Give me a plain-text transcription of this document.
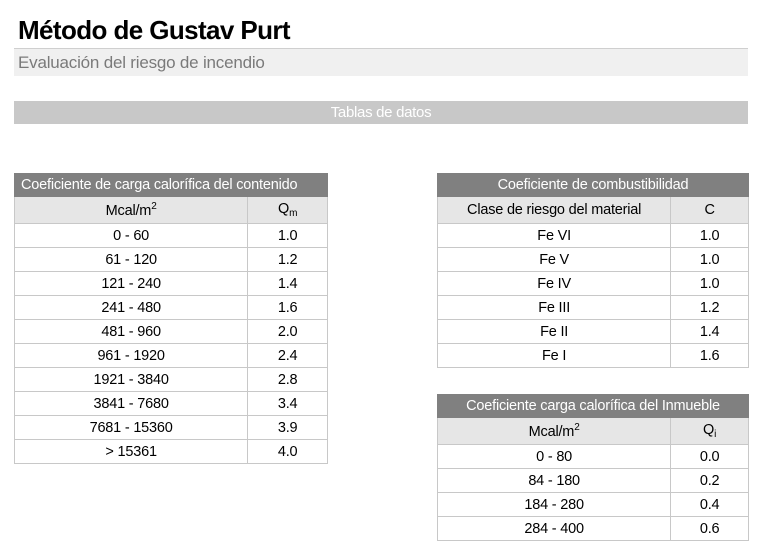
Método de Gustav Purt
Evaluación del riesgo de incendio
Tablas de datos
Coeficiente de carga calorífica del contenido	
Mcal/$m^2$	$Q_m$
0 - 60	1.0
61 - 120	1.2
121 - 240	1.4
241 - 480	1.6
481 - 960	2.0
961 - 1920	2.4
1921 - 3840	2.8
3841 - 7680	3.4
7681 - 15360	3.9
> 15361	4.0
Coeficiente de combustibilidad	
Clase de riesgo del material	C
Fe VI	1.0
Fe V	1.0
Fe IV	1.0
Fe III	1.2
Fe II	1.4
Fe I	1.6
Coeficiente carga calorífica del Inmueble	
Mcal/$m^2$	$Q_i$
0 - 80	0.0
84 - 180	0.2
184 - 280	0.4
284 - 400	0.6
